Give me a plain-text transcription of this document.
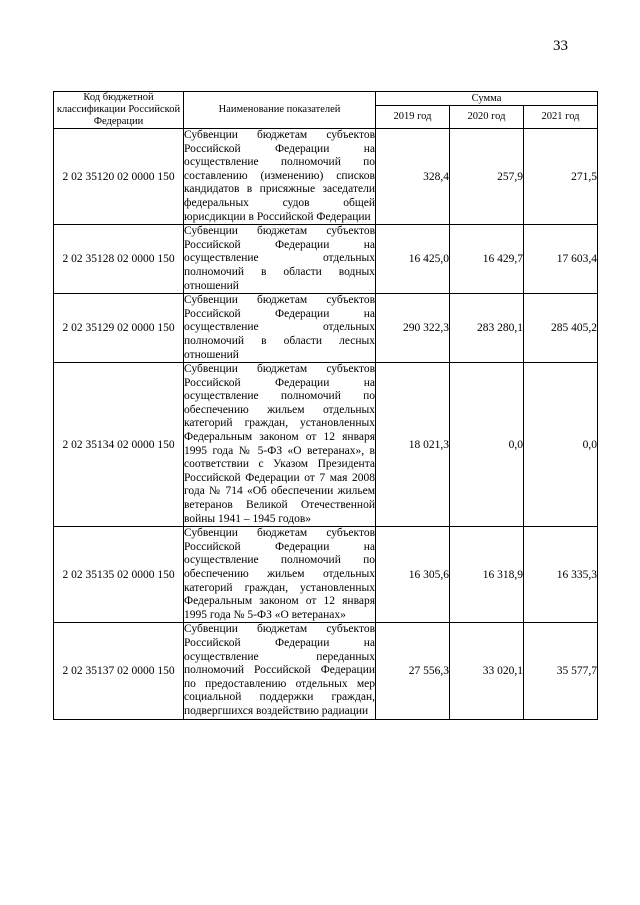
33
Код бюджетной классификации Российской Федерации	Наименование показателей	Сумма		
		2019 год	2020 год	2021 год
2 02 35120 02 0000 150	Субвенции бюджетам субъектов Российской Федерации на осуществление полномочий по составлению (изменению) списков кандидатов в присяжные заседатели федеральных судов общей юрисдикции в Российской Федерации	328,4	257,9	271,5
2 02 35128 02 0000 150	Субвенции бюджетам субъектов Российской Федерации на осуществление отдельных полномочий в области водных отношений	16 425,0	16 429,7	17 603,4
2 02 35129 02 0000 150	Субвенции бюджетам субъектов Российской Федерации на осуществление отдельных полномочий в области лесных отношений	290 322,3	283 280,1	285 405,2
2 02 35134 02 0000 150	Субвенции бюджетам субъектов Российской Федерации на осуществление полномочий по обеспечению жильем отдельных категорий граждан, установленных Федеральным законом от 12 января 1995 года № 5-ФЗ «О ветеранах», в соответствии с Указом Президента Российской Федерации от 7 мая 2008 года № 714 «Об обеспечении жильем ветеранов Великой Отечественной войны 1941 – 1945 годов»	18 021,3	0,0	0,0
2 02 35135 02 0000 150	Субвенции бюджетам субъектов Российской Федерации на осуществление полномочий по обеспечению жильем отдельных категорий граждан, установленных Федеральным законом от 12 января 1995 года № 5-ФЗ «О ветеранах»	16 305,6	16 318,9	16 335,3
2 02 35137 02 0000 150	Субвенции бюджетам субъектов Российской Федерации на осуществление переданных полномочий Российской Федерации по предоставлению отдельных мер социальной поддержки граждан, подвергшихся воздействию радиации	27 556,3	33 020,1	35 577,7
